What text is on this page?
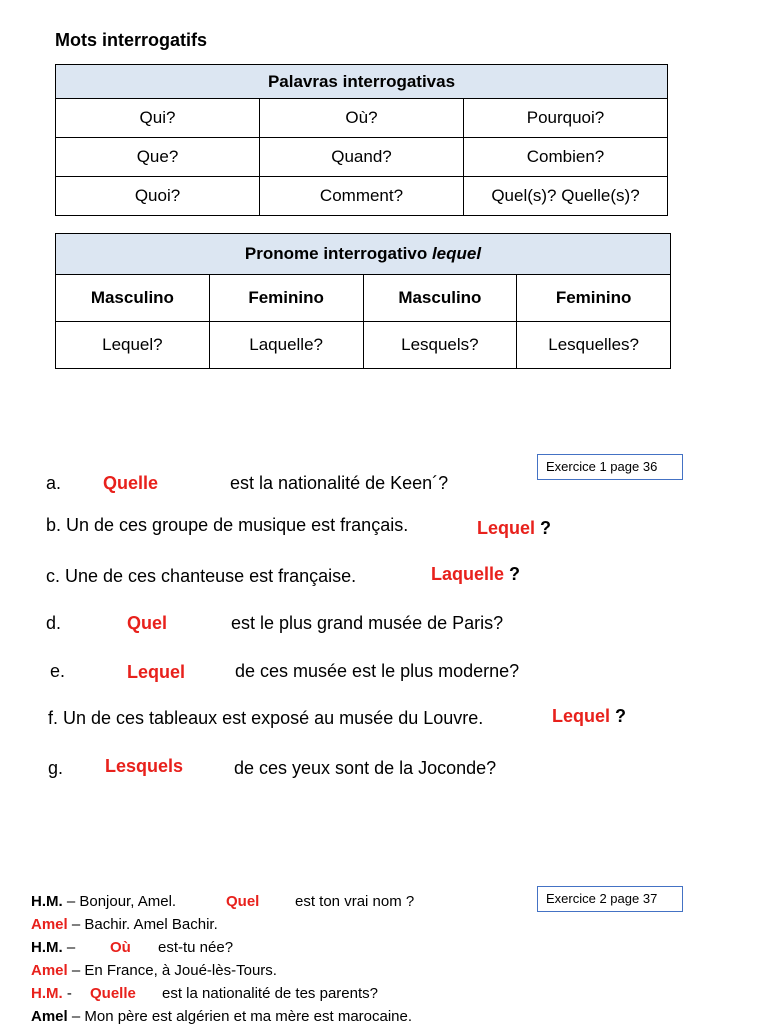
Mots interrogatifs
Palavras interrogativas		
Qui?	Où?	Pourquoi?
Que?	Quand?	Combien?
Quoi?	Comment?	Quel(s)? Quelle(s)?
Pronome interrogativo lequel			
Masculino	Feminino	Masculino	Feminino
Lequel?	Laquelle?	Lesquels?	Lesquelles?
Exercice 1 page 36
a. Quelle	est la nationalité de Keen´?
b. Un de ces groupe de musique est français.	Lequel ?
c. Une de ces chanteuse est française.	Laquelle ?
d.	Quel	est le plus grand musée de Paris?
e.	Lequel	de ces musée est le plus moderne?
f. Un de ces tableaux est exposé au musée du Louvre.	Lequel ?
g. Lesquels	de ces yeux sont de la Joconde?
Exercice 2 page 37
H.M. – Bonjour, Amel.	Quel est ton vrai nom ?
Amel – Bachir. Amel Bachir.
H.M. – Où est-tu née?
Amel – En France, à Joué-lès-Tours.
H.M. - Quelle est la nationalité de tes parents?
Amel – Mon père est algérien et ma mère est marocaine.
